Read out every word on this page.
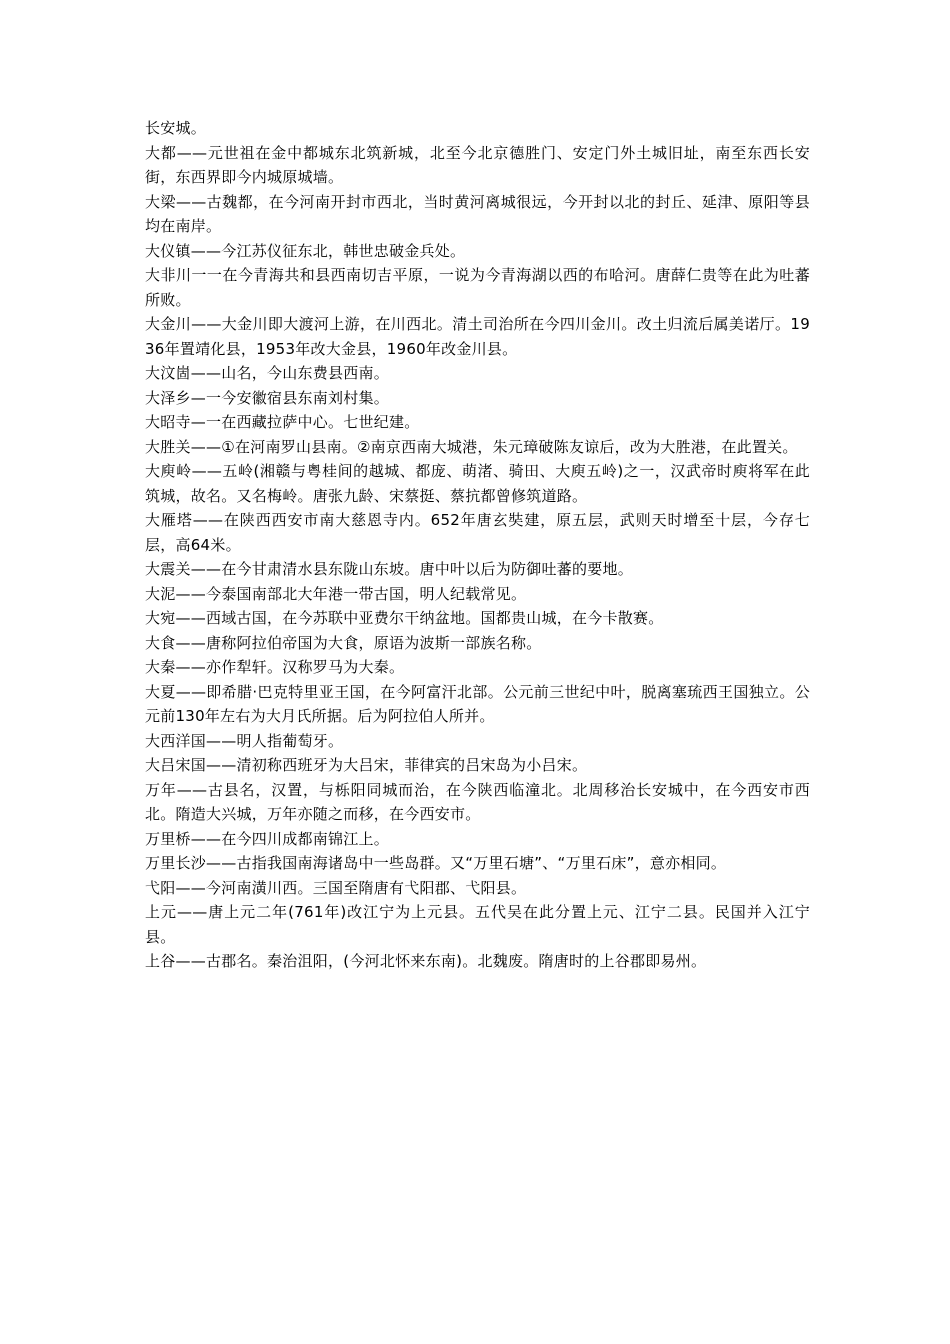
长安城。

大都——元世祖在金中都城东北筑新城，北至今北京德胜门、安定门外土城旧址，南至东西长安街，东西界即今内城原城墙。

大梁——古魏都，在今河南开封市西北，当时黄河离城很远，今开封以北的封丘、延津、原阳等县均在南岸。

大仪镇——今江苏仪征东北，韩世忠破金兵处。

大非川一一在今青海共和县西南切吉平原，一说为今青海湖以西的布哈河。唐薛仁贵等在此为吐蕃所败。

大金川——大金川即大渡河上游，在川西北。清土司治所在今四川金川。改土归流后属美诺厅。1936年置靖化县，1953年改大金县，1960年改金川县。

大汶崮——山名，今山东费县西南。

大泽乡—一今安徽宿县东南刘村集。

大昭寺—一在西藏拉萨中心。七世纪建。

大胜关——①在河南罗山县南。②南京西南大城港，朱元璋破陈友谅后，改为大胜港，在此置关。

大庾岭——五岭(湘赣与粤桂间的越城、都庞、萌渚、骑田、大庾五岭)之一，汉武帝时庾将军在此筑城，故名。又名梅岭。唐张九龄、宋蔡挺、蔡抗都曾修筑道路。

大雁塔——在陕西西安市南大慈恩寺内。652年唐玄奘建，原五层，武则天时增至十层，今存七层，高64米。

大震关——在今甘肃清水县东陇山东坡。唐中叶以后为防御吐蕃的要地。

大泥——今泰国南部北大年港一带古国，明人纪载常见。

大宛——西域古国，在今苏联中亚费尔干纳盆地。国都贵山城，在今卡散赛。

大食——唐称阿拉伯帝国为大食，原语为波斯一部族名称。

大秦——亦作犁轩。汉称罗马为大秦。

大夏——即希腊·巴克特里亚王国，在今阿富汗北部。公元前三世纪中叶，脱离塞琉西王国独立。公元前130年左右为大月氏所据。后为阿拉伯人所并。

大西洋国——明人指葡萄牙。

大吕宋国——清初称西班牙为大吕宋，菲律宾的吕宋岛为小吕宋。

万年——古县名，汉置，与栎阳同城而治，在今陕西临潼北。北周移治长安城中，在今西安市西北。隋造大兴城，万年亦随之而移，在今西安市。

万里桥——在今四川成都南锦江上。

万里长沙——古指我国南海诸岛中一些岛群。又“万里石塘”、“万里石床”，意亦相同。

弋阳——今河南潢川西。三国至隋唐有弋阳郡、弋阳县。

上元——唐上元二年(761年)改江宁为上元县。五代吴在此分置上元、江宁二县。民国并入江宁县。

上谷——古郡名。秦治沮阳，(今河北怀来东南)。北魏废。隋唐时的上谷郡即易州。
